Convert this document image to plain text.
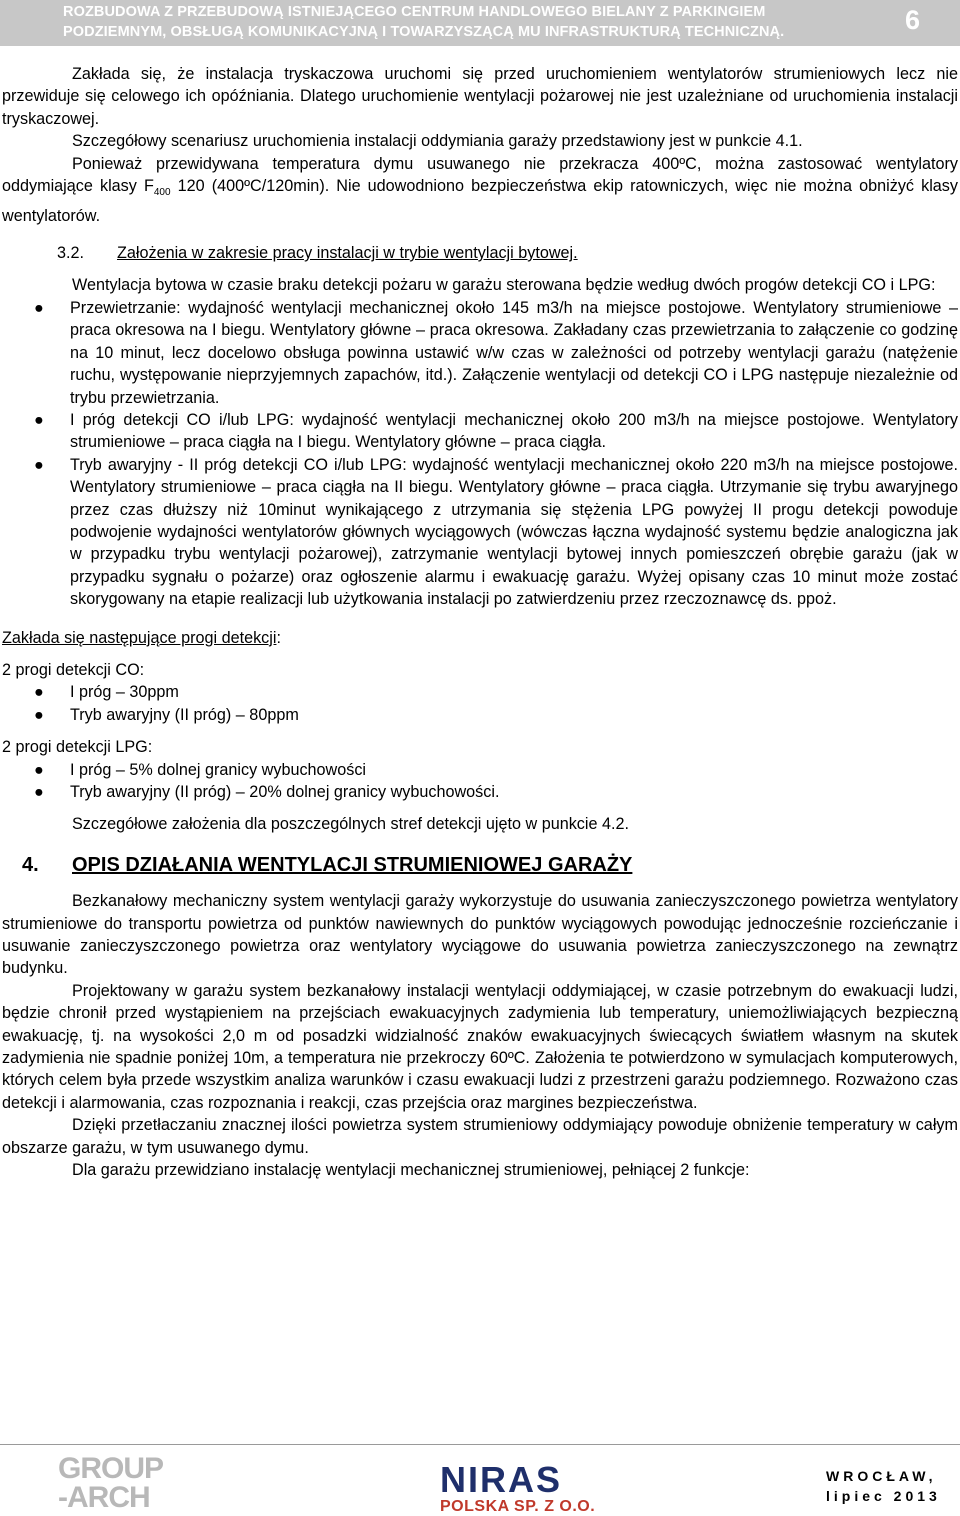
ROZBUDOWA Z PRZEBUDOWĄ ISTNIEJĄCEGO CENTRUM HANDLOWEGO BIELANY Z PARKINGIEM
PODZIEMNYM, OBSŁUGĄ KOMUNIKACYJNĄ I TOWARZYSZĄCĄ MU INFRASTRUKTURĄ TECHNICZNĄ.	6

Zakłada się, że instalacja tryskaczowa uruchomi się przed uruchomieniem wentylatorów strumieniowych lecz nie przewiduje się celowego ich opóźniania. Dlatego uruchomienie wentylacji pożarowej nie jest uzależniane od uruchomienia instalacji tryskaczowej.

Szczegółowy scenariusz uruchomienia instalacji oddymiania garaży przedstawiony jest w punkcie 4.1.

Ponieważ przewidywana temperatura dymu usuwanego nie przekracza 400ºC, można zastosować wentylatory oddymiające klasy $F_{400}$ 120 (400ºC/120min). Nie udowodniono bezpieczeństwa ekip ratowniczych, więc nie można obniżyć klasy wentylatorów.

3.2. Założenia w zakresie pracy instalacji w trybie wentylacji bytowej.

Wentylacja bytowa w czasie braku detekcji pożaru w garażu sterowana będzie według dwóch progów detekcji CO i LPG:

● Przewietrzanie: wydajność wentylacji mechanicznej około 145 m3/h na miejsce postojowe. Wentylatory strumieniowe – praca okresowa na I biegu. Wentylatory główne – praca okresowa. Zakładany czas przewietrzania to załączenie co godzinę na 10 minut, lecz docelowo obsługa powinna ustawić w/w czas w zależności od potrzeby wentylacji garażu (natężenie ruchu, występowanie nieprzyjemnych zapachów, itd.). Załączenie wentylacji od detekcji CO i LPG następuje niezależnie od trybu przewietrzania.
● I próg detekcji CO i/lub LPG: wydajność wentylacji mechanicznej około 200 m3/h na miejsce postojowe. Wentylatory strumieniowe – praca ciągła na I biegu. Wentylatory główne – praca ciągła.
● Tryb awaryjny - II próg detekcji CO i/lub LPG: wydajność wentylacji mechanicznej około 220 m3/h na miejsce postojowe. Wentylatory strumieniowe – praca ciągła na II biegu. Wentylatory główne – praca ciągła. Utrzymanie się trybu awaryjnego przez czas dłuższy niż 10minut wynikającego z utrzymania się stężenia LPG powyżej II progu detekcji powoduje podwojenie wydajności wentylatorów głównych wyciągowych (wówczas łączna wydajność systemu będzie analogiczna jak w przypadku trybu wentylacji pożarowej), zatrzymanie wentylacji bytowej innych pomieszczeń obrębie garażu (jak w przypadku sygnału o pożarze) oraz ogłoszenie alarmu i ewakuację garażu. Wyżej opisany czas 10 minut może zostać skorygowany na etapie realizacji lub użytkowania instalacji po zatwierdzeniu przez rzeczoznawcę ds. ppoż.

Zakłada się następujące progi detekcji:

2 progi detekcji CO:

● I próg – 30ppm
● Tryb awaryjny (II próg) – 80ppm

2 progi detekcji LPG:

● I próg – 5% dolnej granicy wybuchowości
● Tryb awaryjny (II próg) – 20% dolnej granicy wybuchowości.

Szczegółowe założenia dla poszczególnych stref detekcji ujęto w punkcie 4.2.

4. OPIS DZIAŁANIA WENTYLACJI STRUMIENIOWEJ GARAŻY

Bezkanałowy mechaniczny system wentylacji garaży wykorzystuje do usuwania zanieczyszczonego powietrza wentylatory strumieniowe do transportu powietrza od punktów nawiewnych do punktów wyciągowych powodując jednocześnie rozcieńczanie i usuwanie zanieczyszczonego powietrza oraz wentylatory wyciągowe do usuwania powietrza zanieczyszczonego na zewnątrz budynku.

Projektowany w garażu system bezkanałowy instalacji wentylacji oddymiającej, w czasie potrzebnym do ewakuacji ludzi, będzie chronił przed wystąpieniem na przejściach ewakuacyjnych zadymienia lub temperatury, uniemożliwiających bezpieczną ewakuację, tj. na wysokości 2,0 m od posadzki widzialność znaków ewakuacyjnych świecących światłem własnym na skutek zadymienia nie spadnie poniżej 10m, a temperatura nie przekroczy 60ºC. Założenia te potwierdzono w symulacjach komputerowych, których celem była przede wszystkim analiza warunków i czasu ewakuacji ludzi z przestrzeni garażu podziemnego. Rozważono czas detekcji i alarmowania, czas rozpoznania i reakcji, czas przejścia oraz margines bezpieczeństwa.

Dzięki przetłaczaniu znacznej ilości powietrza system strumieniowy oddymiający powoduje obniżenie temperatury w całym obszarze garażu, w tym usuwanego dymu.

Dla garażu przewidziano instalację wentylacji mechanicznej strumieniowej, pełniącej 2 funkcje:

GROUP
-ARCH	NIRAS
POLSKA SP. Z O.O.
WROCŁAW,
lipiec 2013
